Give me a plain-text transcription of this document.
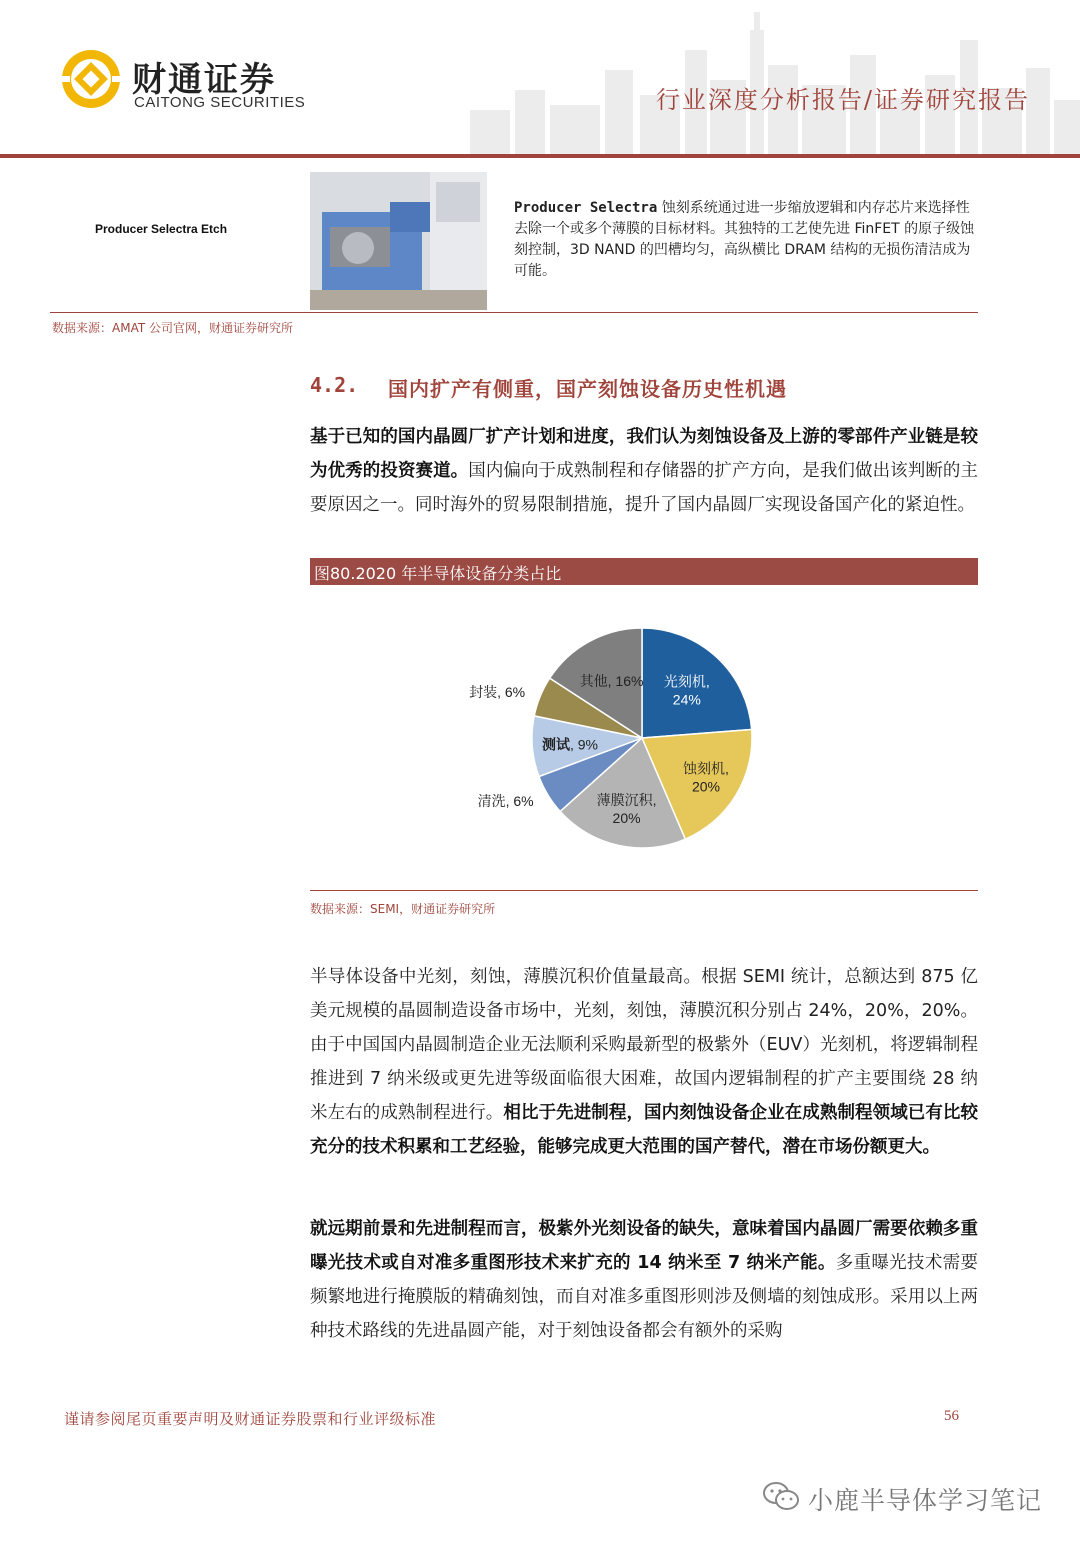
财通证券
CAITONG SECURITIES	行业深度分析报告/证券研究报告
Producer Selectra Etch
Producer Selectra 蚀刻系统通过进一步缩放逻辑和内存芯片来选择性去除一个或多个薄膜的目标材料。其独特的工艺使先进 FinFET 的原子级蚀刻控制，3D NAND 的凹槽均匀，高纵横比 DRAM 结构的无损伤清洁成为可能。
数据来源：AMAT 公司官网，财通证券研究所
4.2. 国内扩产有侧重，国产刻蚀设备历史性机遇
基于已知的国内晶圆厂扩产计划和进度，我们认为刻蚀设备及上游的零部件产业链是较为优秀的投资赛道。国内偏向于成熟制程和存储器的扩产方向，是我们做出该判断的主要原因之一。同时海外的贸易限制措施，提升了国内晶圆厂实现设备国产化的紧迫性。
图80.2020 年半导体设备分类占比
光刻机,
24%
蚀刻机,
20%
薄膜沉积,
20%
清洗, 6%
测试, 9%
封装, 6%
其他, 16%
数据来源：SEMI，财通证券研究所
半导体设备中光刻，刻蚀，薄膜沉积价值量最高。根据 SEMI 统计，总额达到 875 亿美元规模的晶圆制造设备市场中，光刻，刻蚀，薄膜沉积分别占 24%，20%，20%。由于中国国内晶圆制造企业无法顺利采购最新型的极紫外（EUV）光刻机，将逻辑制程推进到 7 纳米级或更先进等级面临很大困难，故国内逻辑制程的扩产主要围绕 28 纳米左右的成熟制程进行。相比于先进制程，国内刻蚀设备企业在成熟制程领域已有比较充分的技术积累和工艺经验，能够完成更大范围的国产替代，潜在市场份额更大。
就远期前景和先进制程而言，极紫外光刻设备的缺失，意味着国内晶圆厂需要依赖多重曝光技术或自对准多重图形技术来扩充的 14 纳米至 7 纳米产能。多重曝光技术需要频繁地进行掩膜版的精确刻蚀，而自对准多重图形则涉及侧墙的刻蚀成形。采用以上两种技术路线的先进晶圆产能，对于刻蚀设备都会有额外的采购
谨请参阅尾页重要声明及财通证券股票和行业评级标准	56
小鹿半导体学习笔记
